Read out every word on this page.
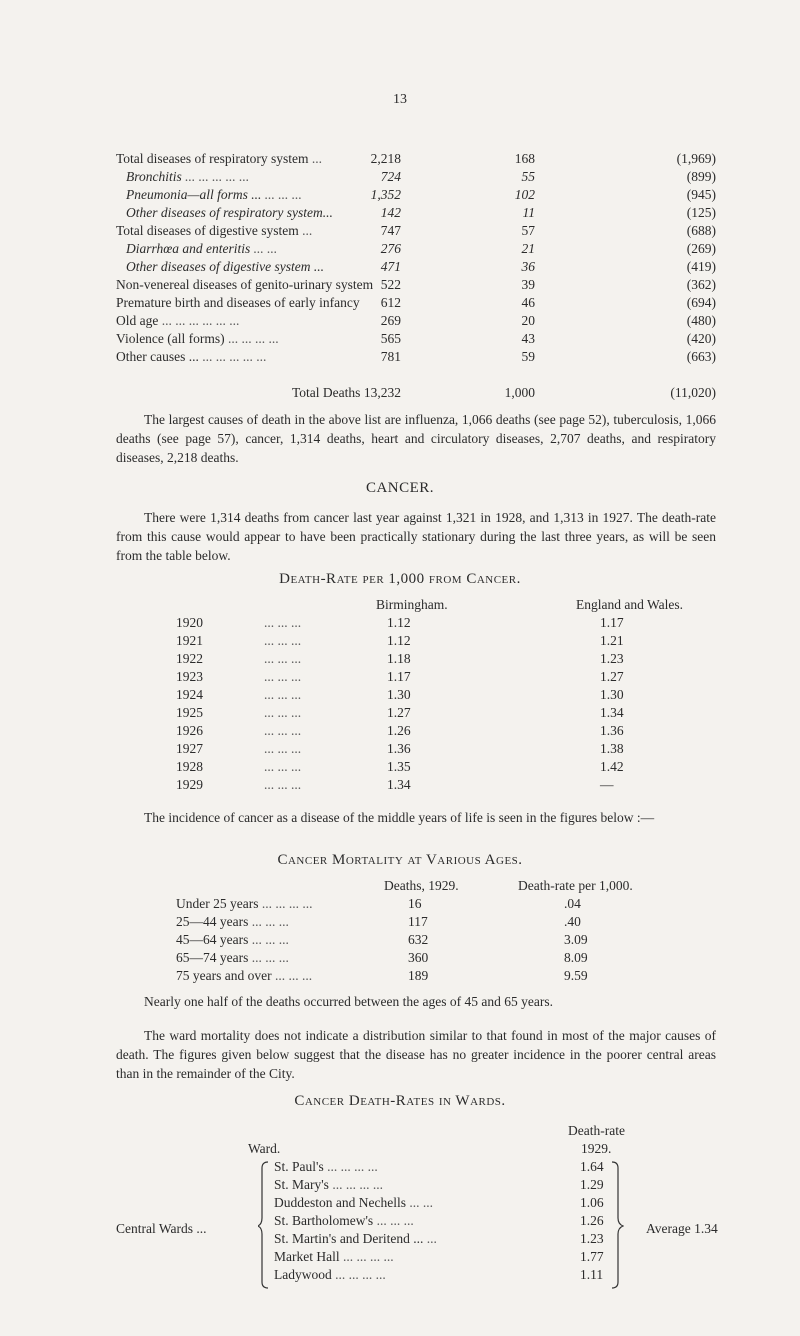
13
Total diseases of respiratory system ...	2,218	168	(1,969)
Bronchitis ... ... ... ... ...	724	55	(899)
Pneumonia—all forms ... ... ... ...	1,352	102	(945)
Other diseases of respiratory system...	142	11	(125)
Total diseases of digestive system ...	747	57	(688)
Diarrhœa and enteritis ... ...	276	21	(269)
Other diseases of digestive system ...	471	36	(419)
Non-venereal diseases of genito-urinary system 522	39	(362)
Premature birth and diseases of early infancy 612	46	(694)
Old age ... ... ... ... ... ...	269	20	(480)
Violence (all forms) ... ... ... ...	565	43	(420)
Other causes ... ... ... ... ... ...	781	59	(663)
Total Deaths 13,232	1,000	(11,020)

The largest causes of death in the above list are influenza, 1,066 deaths (see page 52), tuberculosis, 1,066 deaths (see page 57), cancer, 1,314 deaths, heart and circulatory diseases, 2,707 deaths, and respiratory diseases, 2,218 deaths.

CANCER.

There were 1,314 deaths from cancer last year against 1,321 in 1928, and 1,313 in 1927. The death-rate from this cause would appear to have been practically stationary during the last three years, as will be seen from the table below.

Death-Rate per 1,000 from Cancer.
Birmingham.	England and Wales.
1920	... ... ...	1.12	1.17
1921	... ... ...	1.12	1.21
1922	... ... ...	1.18	1.23
1923	... ... ...	1.17	1.27
1924	... ... ...	1.30	1.30
1925	... ... ...	1.27	1.34
1926	... ... ...	1.26	1.36
1927	... ... ...	1.36	1.38
1928	... ... ...	1.35	1.42
1929	... ... ...	1.34	—

The incidence of cancer as a disease of the middle years of life is seen in the figures below :—

Cancer Mortality at Various Ages.
Deaths, 1929.	Death-rate per 1,000.
Under 25 years ... ... ... ...	16	.04
25—44 years ... ... ...	117	.40
45—64 years ... ... ...	632	3.09
65—74 years ... ... ...	360	8.09
75 years and over ... ... ...	189	9.59

Nearly one half of the deaths occurred between the ages of 45 and 65 years.

The ward mortality does not indicate a distribution similar to that found in most of the major causes of death. The figures given below suggest that the disease has no greater incidence in the poorer central areas than in the remainder of the City.

Cancer Death-Rates in Wards.
Death-rate
Ward.	1929.
St. Paul's ... ... ... ...	1.64
St. Mary's ... ... ... ...	1.29
Duddeston and Nechells ... ...	1.06
St. Bartholomew's ... ... ...	1.26
St. Martin's and Deritend ... ...	1.23
Market Hall ... ... ... ...	1.77
Ladywood ... ... ... ...	1.11
Central Wards ...	Average 1.34
